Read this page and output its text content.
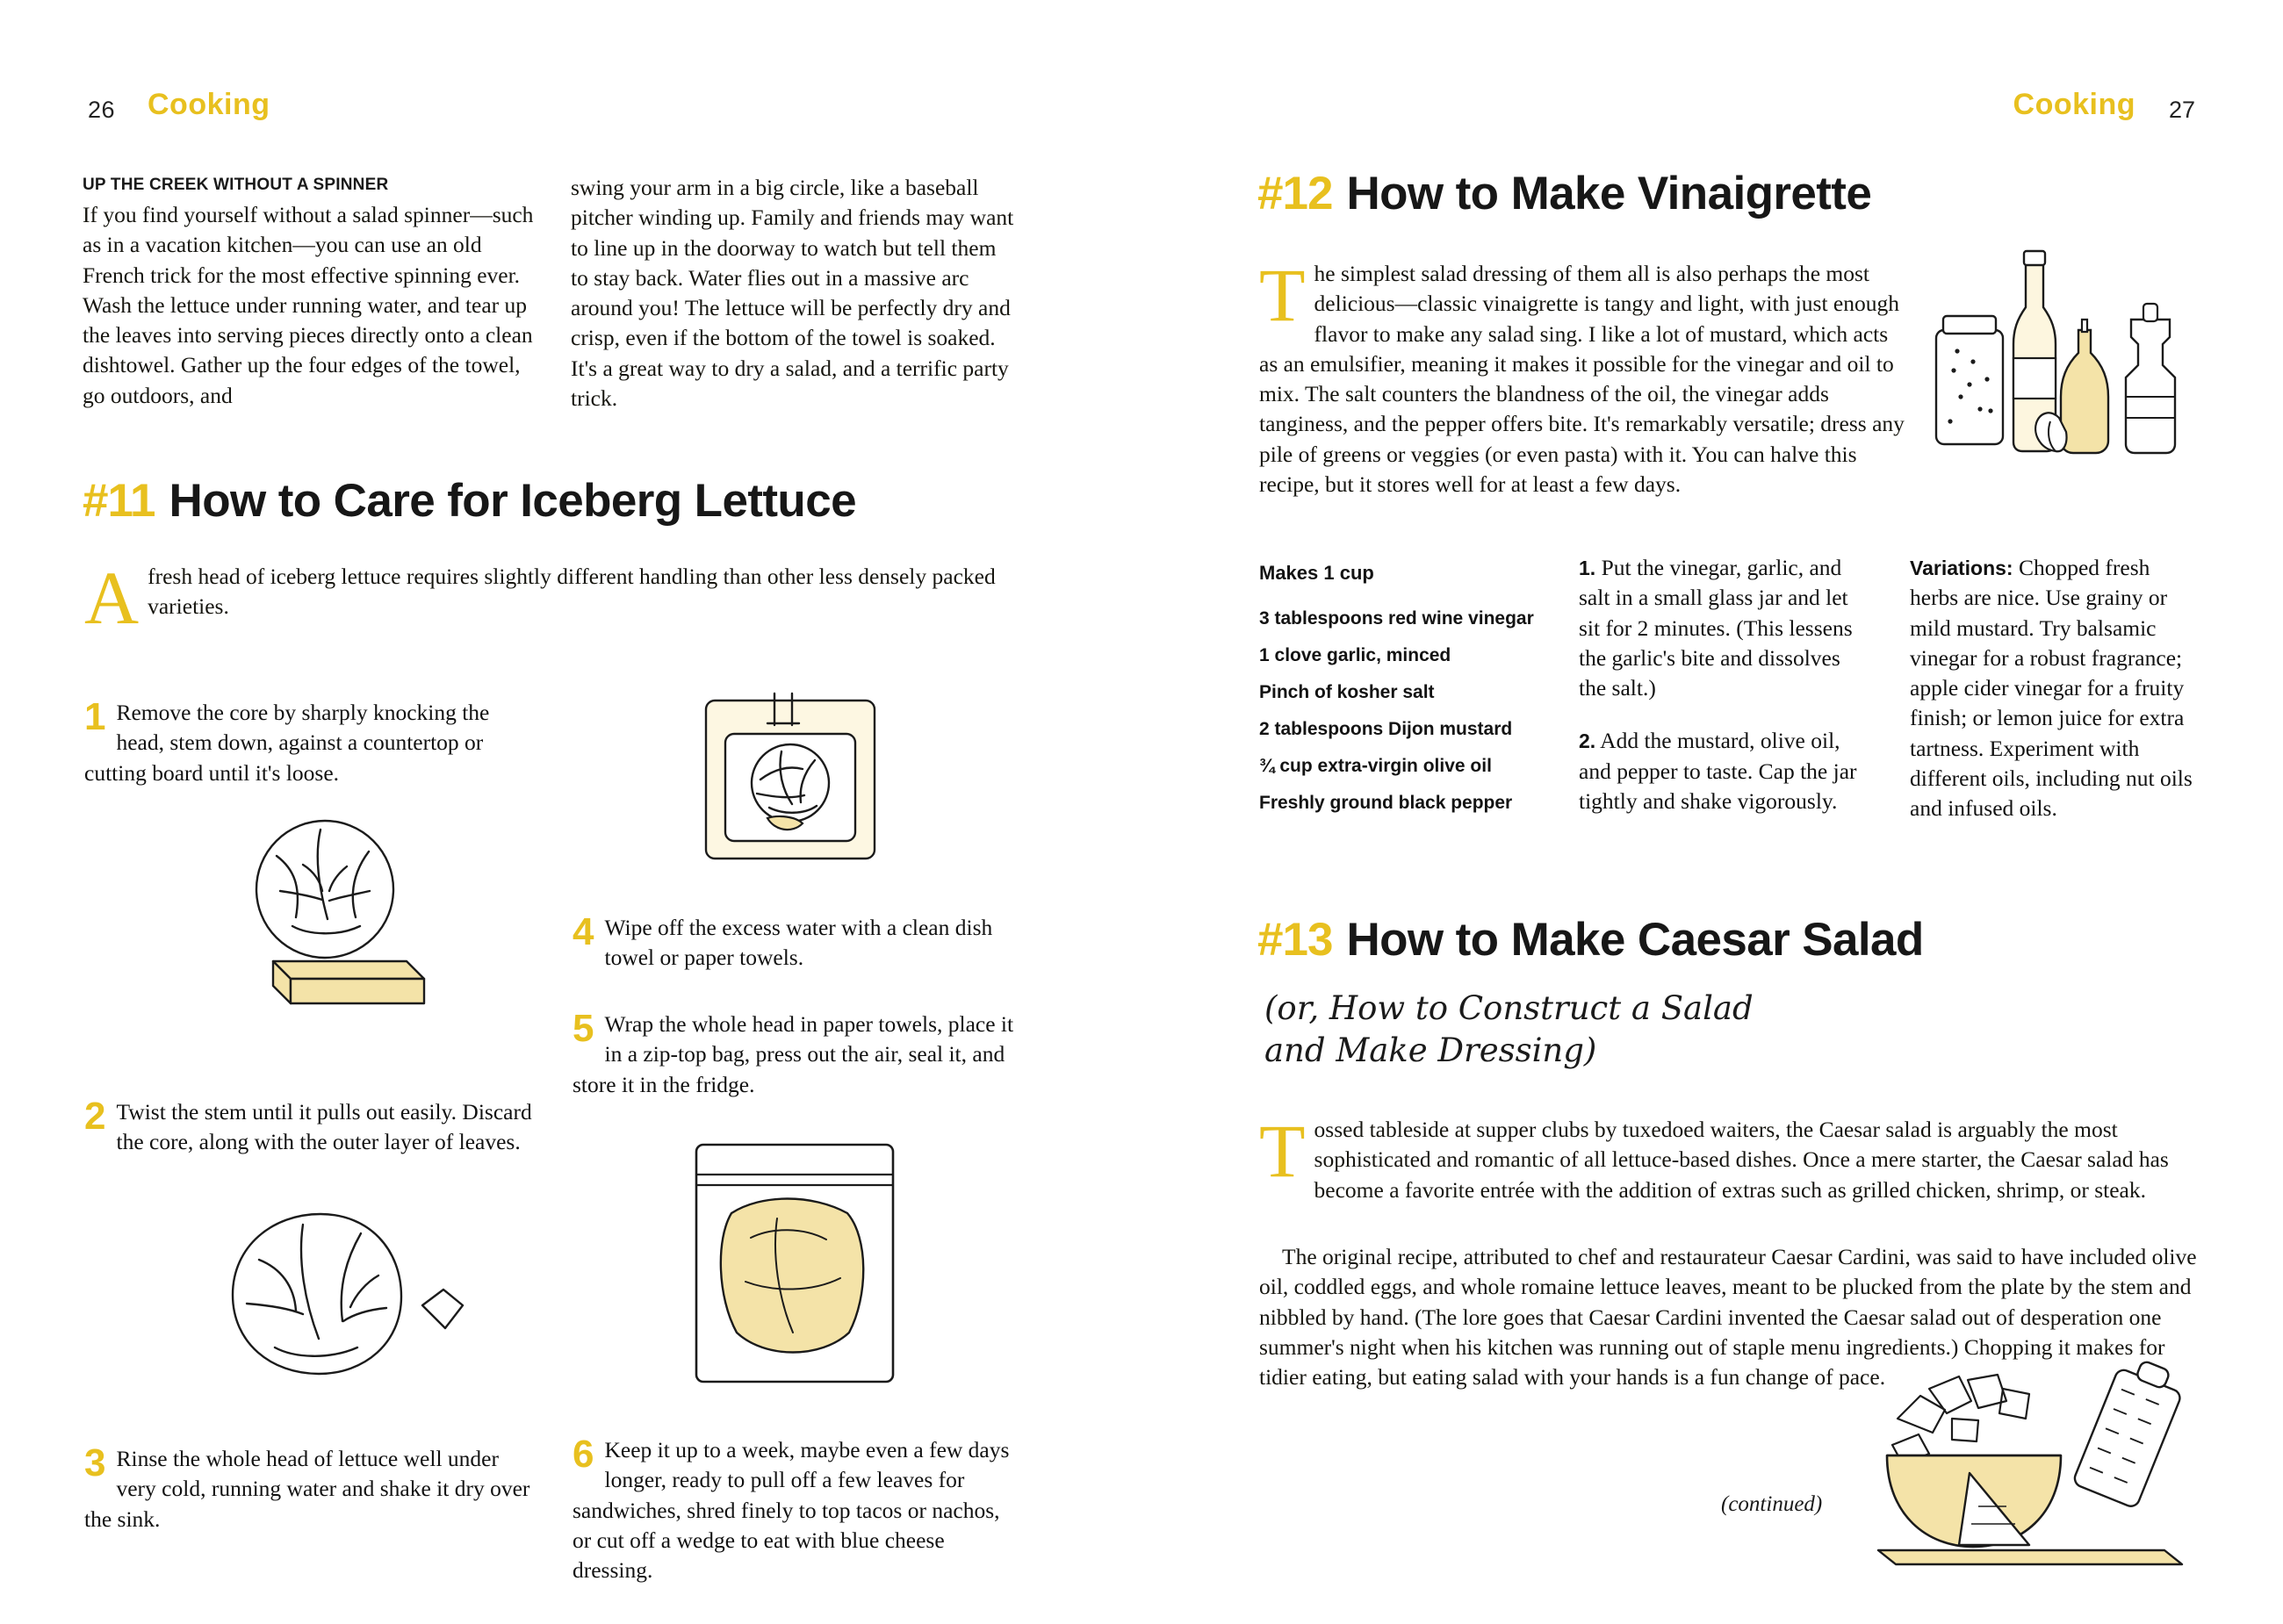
26 Cooking	Cooking 27
UP THE CREEK WITHOUT A SPINNER
If you find yourself without a salad spinner—such as in a vacation kitchen—you can use an old French trick for the most effective spinning ever. Wash the lettuce under running water, and tear up the leaves into serving pieces directly onto a clean dishtowel. Gather up the four edges of the towel, go outdoors, and
swing your arm in a big circle, like a baseball pitcher winding up. Family and friends may want to line up in the doorway to watch but tell them to stay back. Water flies out in a massive arc around you! The lettuce will be perfectly dry and crisp, even if the bottom of the towel is soaked. It's a great way to dry a salad, and a terrific party trick.
#11 How to Care for Iceberg Lettuce
A fresh head of iceberg lettuce requires slightly different handling than other less densely packed varieties.
1 Remove the core by sharply knocking the head, stem down, against a countertop or cutting board until it's loose.
2 Twist the stem until it pulls out easily. Discard the core, along with the outer layer of leaves.
3 Rinse the whole head of lettuce well under very cold, running water and shake it dry over the sink.
4 Wipe off the excess water with a clean dish towel or paper towels.
5 Wrap the whole head in paper towels, place it in a zip-top bag, press out the air, seal it, and store it in the fridge.
6 Keep it up to a week, maybe even a few days longer, ready to pull off a few leaves for sandwiches, shred finely to top tacos or nachos, or cut off a wedge to eat with blue cheese dressing.
#12 How to Make Vinaigrette
T he simplest salad dressing of them all is also perhaps the most delicious—classic vinaigrette is tangy and light, with just enough flavor to make any salad sing. I like a lot of mustard, which acts as an emulsifier, meaning it makes it possible for the vinegar and oil to mix. The salt counters the blandness of the oil, the vinegar adds tanginess, and the pepper offers bite. It's remarkably versatile; dress any pile of greens or veggies (or even pasta) with it. You can halve this recipe, but it stores well for at least a few days.
Makes 1 cup
3 tablespoons red wine vinegar
1 clove garlic, minced
Pinch of kosher salt
2 tablespoons Dijon mustard
¾ cup extra-virgin olive oil
Freshly ground black pepper
1. Put the vinegar, garlic, and salt in a small glass jar and let sit for 2 minutes. (This lessens the garlic's bite and dissolves the salt.)
2. Add the mustard, olive oil, and pepper to taste. Cap the jar tightly and shake vigorously.
Variations: Chopped fresh herbs are nice. Use grainy or mild mustard. Try balsamic vinegar for a robust fragrance; apple cider vinegar for a fruity finish; or lemon juice for extra tartness. Experiment with different oils, including nut oils and infused oils.
#13 How to Make Caesar Salad
(or, How to Construct a Salad
and Make Dressing)
T ossed tableside at supper clubs by tuxedoed waiters, the Caesar salad is arguably the most sophisticated and romantic of all lettuce-based dishes. Once a mere starter, the Caesar salad has become a favorite entrée with the addition of extras such as grilled chicken, shrimp, or steak.
The original recipe, attributed to chef and restaurateur Caesar Cardini, was said to have included olive oil, coddled eggs, and whole romaine lettuce leaves, meant to be plucked from the plate by the stem and nibbled by hand. (The lore goes that Caesar Cardini invented the Caesar salad out of desperation one summer's night when his kitchen was running out of staple menu ingredients.) Chopping it makes for tidier eating, but eating salad with your hands is a fun change of pace.
(continued)
